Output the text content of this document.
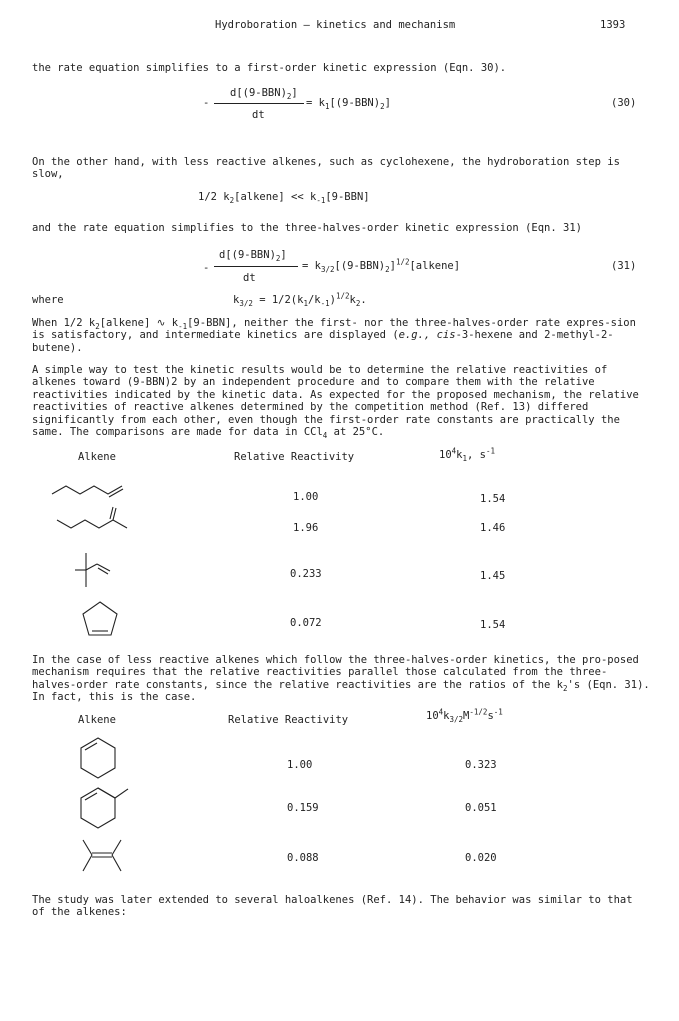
Hydroboration — kinetics and mechanism	1393
the rate equation simplifies to a first-order kinetic expression (Eqn. 30).
-
$d[(9-BBN)_2]$
dt
= $k_1[(9-BBN)_2]$	(30)
On the other hand, with less reactive alkenes, such as cyclohexene, the hydroboration step is slow,
1/2 $k_2[alkene] << k_{-1}[9-BBN]$
and the rate equation simplifies to the three-halves-order kinetic expression (Eqn. 31)
-
$d[(9-BBN)_2]$
dt
= $k_{3/2}[(9-BBN)_2]^{1/2}[alkene]$	(31)
where	$k_{3/2} = 1/2(k_1/k_{-1})^{1/2}k_2$.
When 1/2 $k_2[alkene]$ ∿ $k_{-1}[9-BBN]$, neither the first- nor the three-halves-order rate expres-sion is satisfactory, and intermediate kinetics are displayed (e.g., cis-3-hexene and 2-methyl-2-butene).
A simple way to test the kinetic results would be to determine the relative reactivities of alkenes toward (9-BBN)2 by an independent procedure and to compare them with the relative reactivities indicated by the kinetic data. As expected for the proposed mechanism, the relative reactivities of reactive alkenes determined by the competition method (Ref. 13) differed significantly from each other, even though the first-order rate constants are practically the same. The comparisons are made for data in CCl$_4$ at 25°C.
Alkene	Relative Reactivity	$10^4k_1$, $s^{-1}$
1.00	1.54
1.96	1.46
0.233	1.45
0.072	1.54
In the case of less reactive alkenes which follow the three-halves-order kinetics, the pro-posed mechanism requires that the relative reactivities parallel those calculated from the three-halves-order rate constants, since the relative reactivities are the ratios of the $k_2's$ (Eqn. 31). In fact, this is the case.
Alkene	Relative Reactivity	$10^4k_{3/2}M^{-1/2}s^{-1}$
1.00	0.323
0.159	0.051
0.088	0.020
The study was later extended to several haloalkenes (Ref. 14). The behavior was similar to that of the alkenes:
